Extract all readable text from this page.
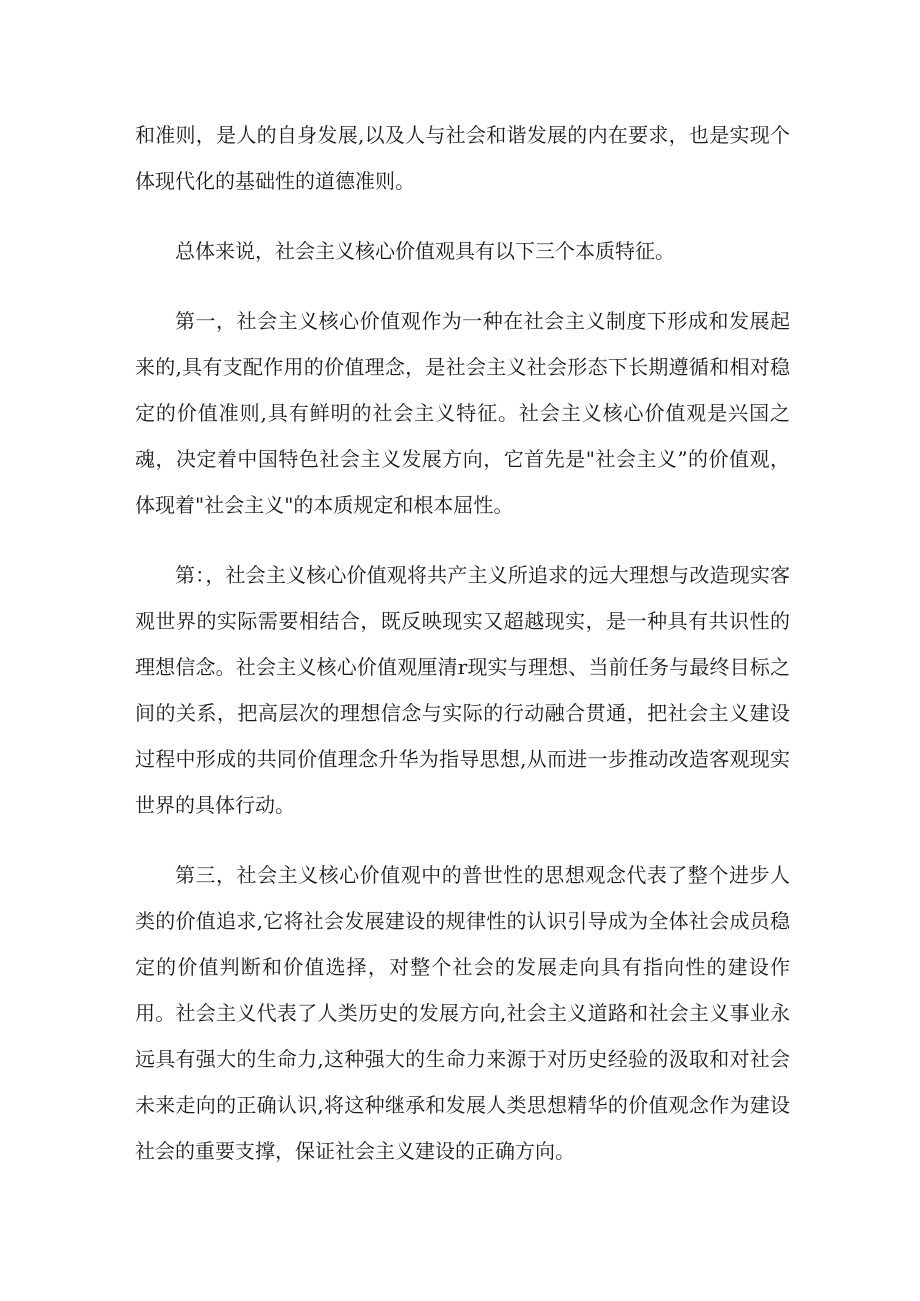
和准则，是人的自身发展,以及人与社会和谐发展的内在要求，也是实现个体现代化的基础性的道德准则。

总体来说，社会主义核心价值观具有以下三个本质特征。

第一，社会主义核心价值观作为一种在社会主义制度下形成和发展起来的,具有支配作用的价值理念，是社会主义社会形态下长期遵循和相对稳定的价值准则,具有鲜明的社会主义特征。社会主义核心价值观是兴国之魂，决定着中国特色社会主义发展方向，它首先是"社会主义”的价值观，体现着"社会主义"的本质规定和根本屈性。

第：，社会主义核心价值观将共产主义所追求的远大理想与改造现实客观世界的实际需要相结合，既反映现实又超越现实，是一种具有共识性的理想信念。社会主义核心价值观厘清r现实与理想、当前任务与最终目标之间的关系，把高层次的理想信念与实际的行动融合贯通，把社会主义建设过程中形成的共同价值理念升华为指导思想,从而进一步推动改造客观现实世界的具体行动。

第三，社会主义核心价值观中的普世性的思想观念代表了整个进步人类的价值追求,它将社会发展建设的规律性的认识引导成为全体社会成员稳定的价值判断和价值选择，对整个社会的发展走向具有指向性的建设作用。社会主义代表了人类历史的发展方向,社会主义道路和社会主义事业永远具有强大的生命力,这种强大的生命力来源于对历史经验的汲取和对社会未来走向的正确认识,将这种继承和发展人类思想精华的价值观念作为建设社会的重要支撑，保证社会主义建设的正确方向。
